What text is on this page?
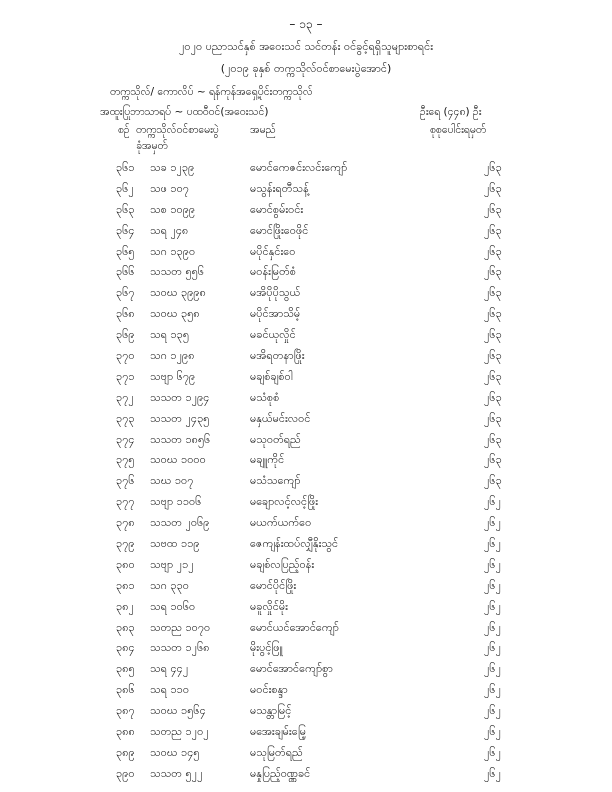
– ၁၃ –
၂၀၂၀ ပညာသင်နှစ် အဝေးသင် သင်တန်း ဝင်ခွင့်ရရှိသူများစာရင်း
(၂၀၁၉ ခုနှစ် တက္ကသိုလ်ဝင်စာမေးပွဲအောင်)
တက္ကသိုလ်/ ကောလိပ် ~ ရန်ကုန်အရှေ့ပိုင်းတက္ကသိုလ်
အထူးပြုဘာသာရပ် ~ ပထဝီဝင်(အဝေးသင်)	ဦးရေ (၄၄၈) ဦး
စဉ် တက္ကသိုလ်ဝင်စာမေးပွဲ	အမည်	စုစုပေါင်းရမှတ်
ခုံအမှတ်
၃၆၁ သခ ၁၂၃၉	မောင်ကေဇင်းလင်းကျော်	၂၆၃
၃၆၂ သဖ ၁၀၇	မသွန်းရတီသန့်	၂၆၃
၃၆၃ သစ ၁၀၉၉	မောင်စွမ်းဝင်း	၂၆၃
၃၆၄ သရ ၂၄၈	မောင်ဖြိုးဝေဖိုင်	၂၆၃
၃၆၅ သဂ ၁၃၉၀	မပိုင်နှင်းဝေ	၂၆၃
၃၆၆ သသတ ၅၅၆	မဝန်းမြတ်စံ	၂၆၃
၃၆၇ သဝဃ ၃၉၉၈	မအိပိုပိုသွယ်	၂၆၃
၃၆၈ သဝဃ ၃၅၈	မပိုင်အာသိမ့်	၂၆၃
၃၆၉ သရ ၁၃၅	မခင်ယုလှိုင်	၂၆၃
၃၇၀ သဂ ၁၂၉၈	မအိရတနာဖြိုး	၂၆၃
၃၇၁ သဗျာ ၆၇၉	မချစ်ချစ်ဝါ	၂၆၃
၃၇၂ သသတ ၁၂၉၄	မသံစုစံ	၂၆၃
၃၇၃ သသတ ၂၄၃၅	မနှယ်မင်းလဝင်	၂၆၃
၃၇၄ သသတ ၁၈၅၆	မသုဝတ်ရည်	၂၆၃
၃၇၅ သဝဃ ၁၀၀၀	မချူကိုင်	၂၆၃
၃၇၆ သဃ ၁၀၇	မသံသကျော်	၂၆၃
၃၇၇ သဗျာ ၁၁၀၆	မချောလင့်လင့်ဖြိုး	၂၆၂
၃၇၈ သသတ ၂၀၆၉	မယက်ယက်ဝေ	၂၆၂
၃၇၉ သဗထ ၁၁၉	ဇေကျန်းထပ်လျှီနိုးသွင်	၂၆၂
၃၈၀ သဗျာ ၂၁၂	မချစ်လပြည့်ဝန်း	၂၆၂
၃၈၁ သဂ ၃၃၀	မောင်ပိုင်ဖြိုး	၂၆၂
၃၈၂ သရ ၁၀၆၀	မခူလှိုင်မိုး	၂၆၂
၃၈၃ သတည ၁၀၇၀	မောင်ယင်အောင်ကျော်	၂၆၂
၃၈၄ သသတ ၁၂၆၈	မိုးပွင့်ဖြူ	၂၆၂
၃၈၅ သရ ၄၄၂	မောင်အောင်ကျော်စွာ	၂၆၂
၃၈၆ သရ ၁၁၀	မဝင်းစန္ဒာ	၂၆၂
၃၈၇ သဝဃ ၁၅၆၄	မသန္တာမြင့်	၂၆၂
၃၈၈ သတည ၁၂၀၂	မအေးချမ်းမြေ့	၂၆၂
၃၈၉ သဝဃ ၁၄၅	မသုမြတ်ရည်	၂၆၂
၃၉၀ သသတ ၅၂၂	မနှုပြည့်ဝဏ္ဏခင်	၂၆၂
